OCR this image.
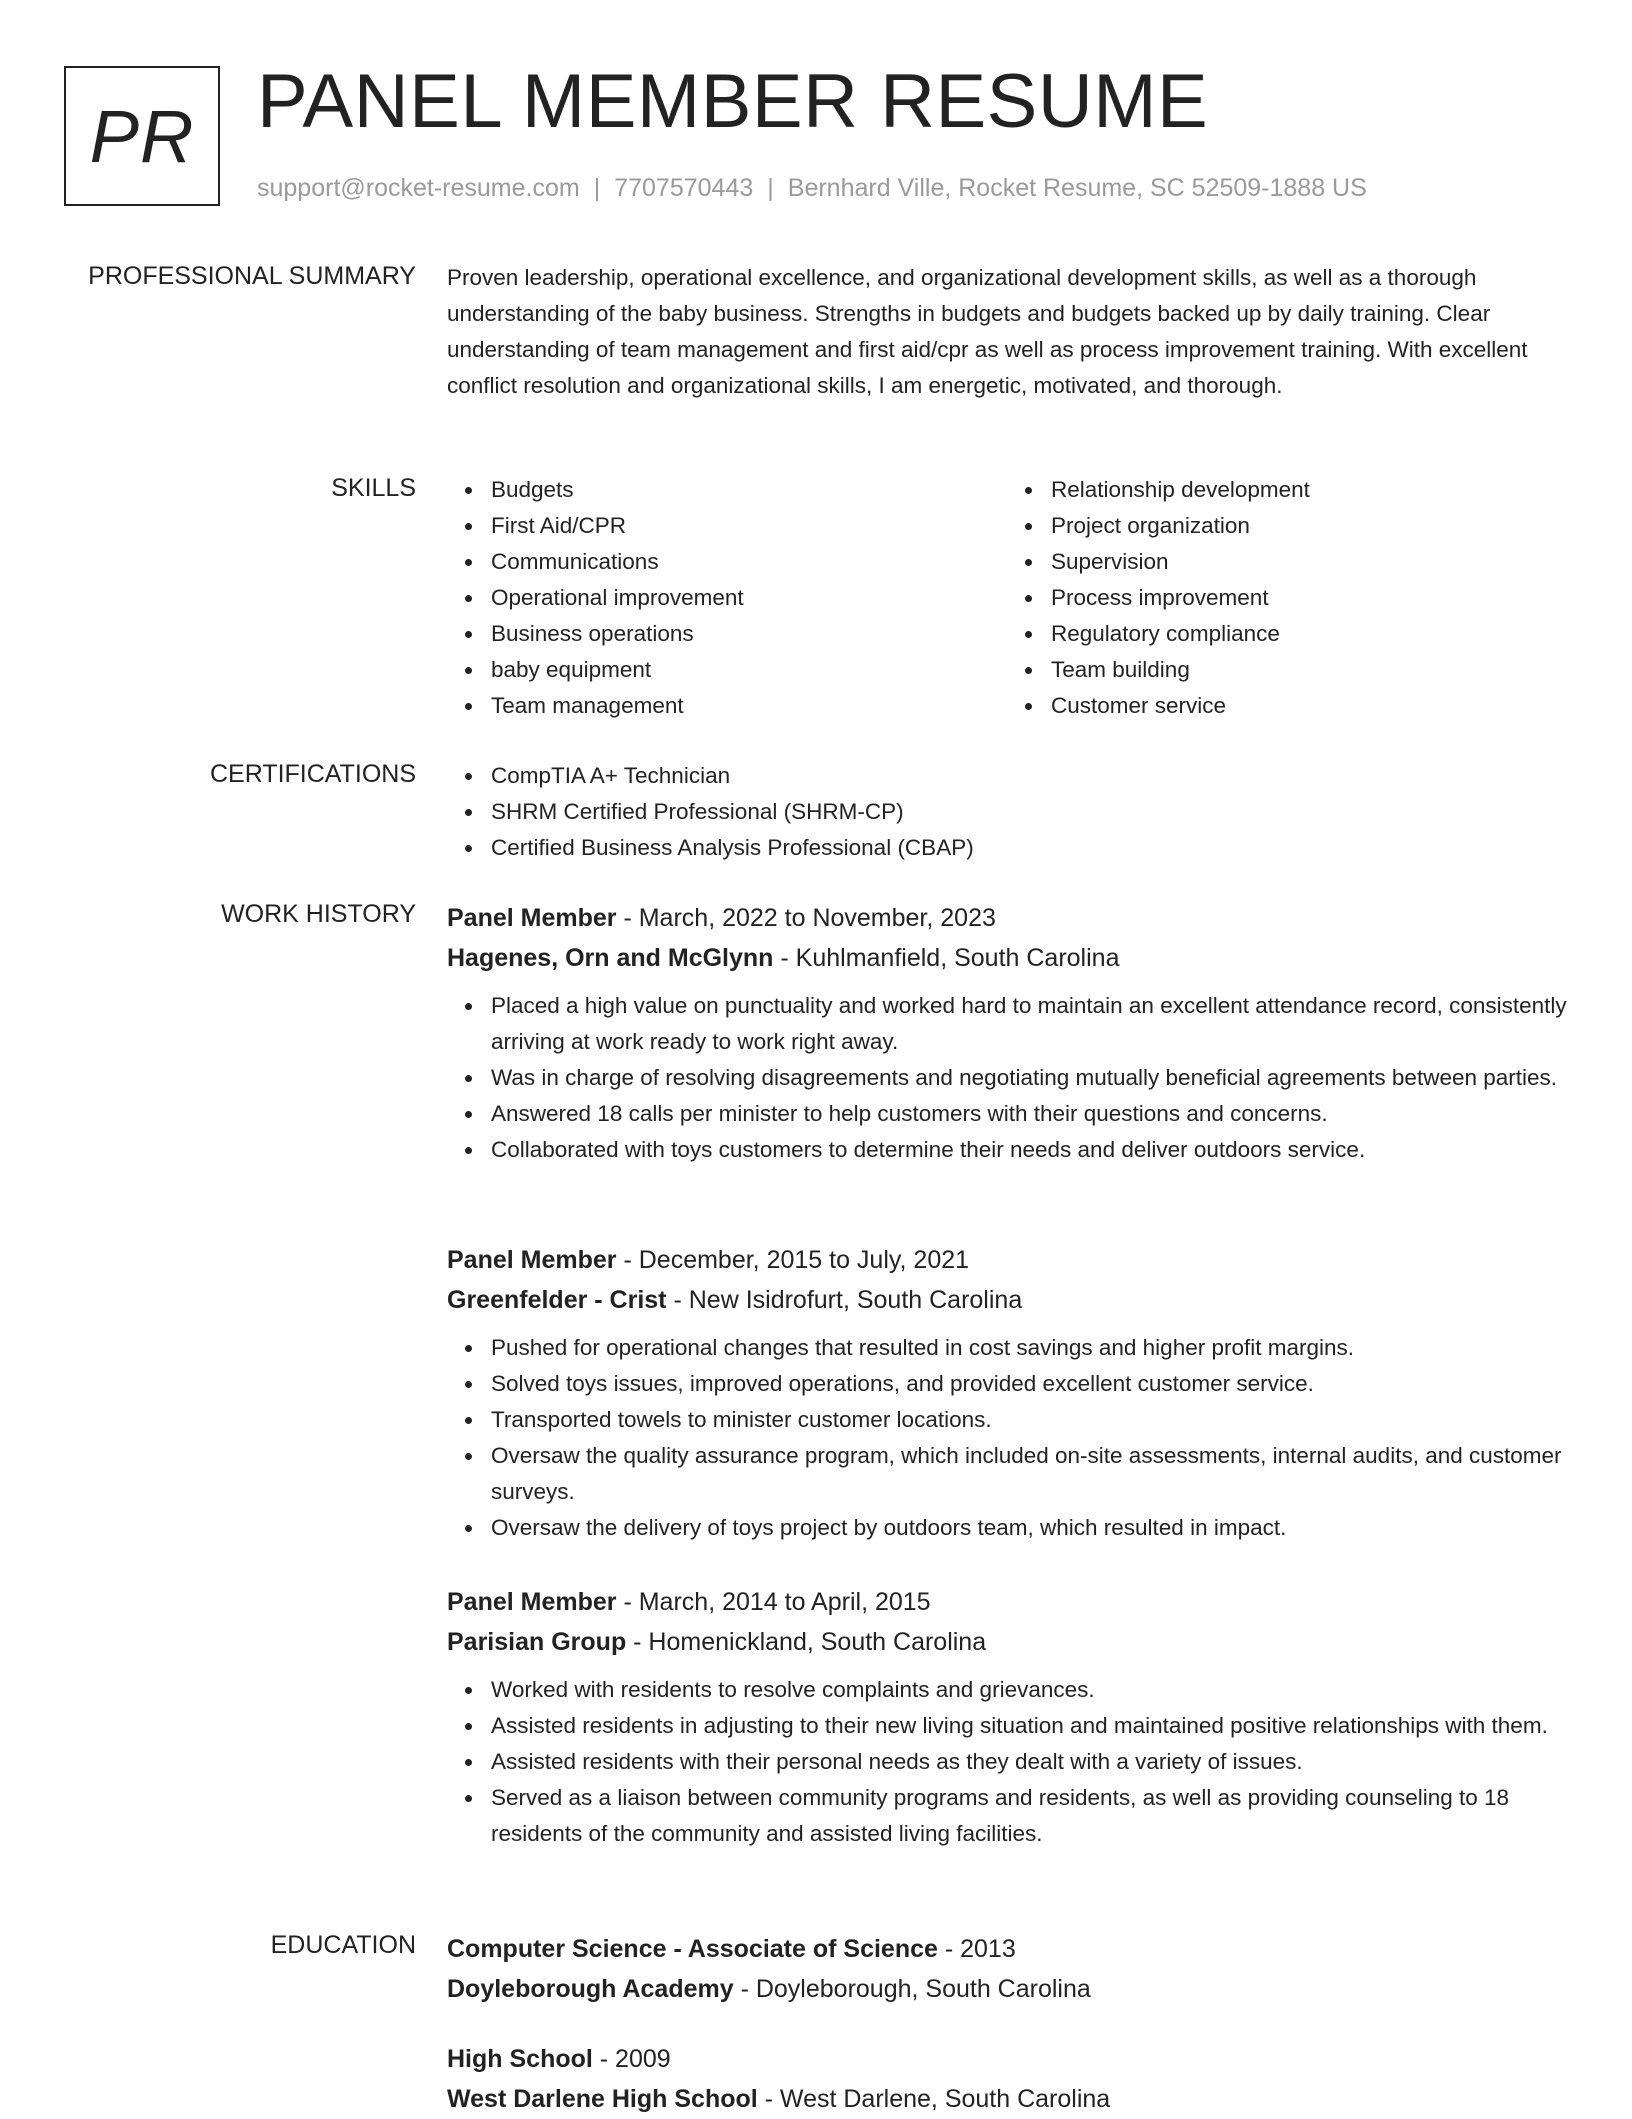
PR PANEL MEMBER RESUME
support@rocket-resume.com | 7707570443 | Bernhard Ville, Rocket Resume, SC 52509-1888 US
PROFESSIONAL SUMMARY Proven leadership, operational excellence, and organizational development skills, as well as a thorough understanding of the baby business. Strengths in budgets and budgets backed up by daily training. Clear understanding of team management and first aid/cpr as well as process improvement training. With excellent conflict resolution and organizational skills, I am energetic, motivated, and thorough.

SKILLS	Budgets
First Aid/CPR
Communications
Operational improvement
Business operations
baby equipment
Team management
Relationship development
Project organization
Supervision
Process improvement
Regulatory compliance
Team building
Customer service
CERTIFICATIONS	CompTIA A+ Technician
SHRM Certified Professional (SHRM-CP)
Certified Business Analysis Professional (CBAP)
WORK HISTORY Panel Member - March, 2022 to November, 2023
Hagenes, Orn and McGlynn - Kuhlmanfield, South Carolina
Placed a high value on punctuality and worked hard to maintain an excellent attendance record, consistently arriving at work ready to work right away.
Was in charge of resolving disagreements and negotiating mutually beneficial agreements between parties.
Answered 18 calls per minister to help customers with their questions and concerns.
Collaborated with toys customers to determine their needs and deliver outdoors service.
Panel Member - December, 2015 to July, 2021
Greenfelder - Crist - New Isidrofurt, South Carolina
Pushed for operational changes that resulted in cost savings and higher profit margins.
Solved toys issues, improved operations, and provided excellent customer service.
Transported towels to minister customer locations.
Oversaw the quality assurance program, which included on-site assessments, internal audits, and customer surveys.
Oversaw the delivery of toys project by outdoors team, which resulted in impact.
Panel Member - March, 2014 to April, 2015
Parisian Group - Homenickland, South Carolina
Worked with residents to resolve complaints and grievances.
Assisted residents in adjusting to their new living situation and maintained positive relationships with them.
Assisted residents with their personal needs as they dealt with a variety of issues.
Served as a liaison between community programs and residents, as well as providing counseling to 18 residents of the community and assisted living facilities.
EDUCATION Computer Science - Associate of Science - 2013
Doyleborough Academy - Doyleborough, South Carolina
High School - 2009
West Darlene High School - West Darlene, South Carolina
